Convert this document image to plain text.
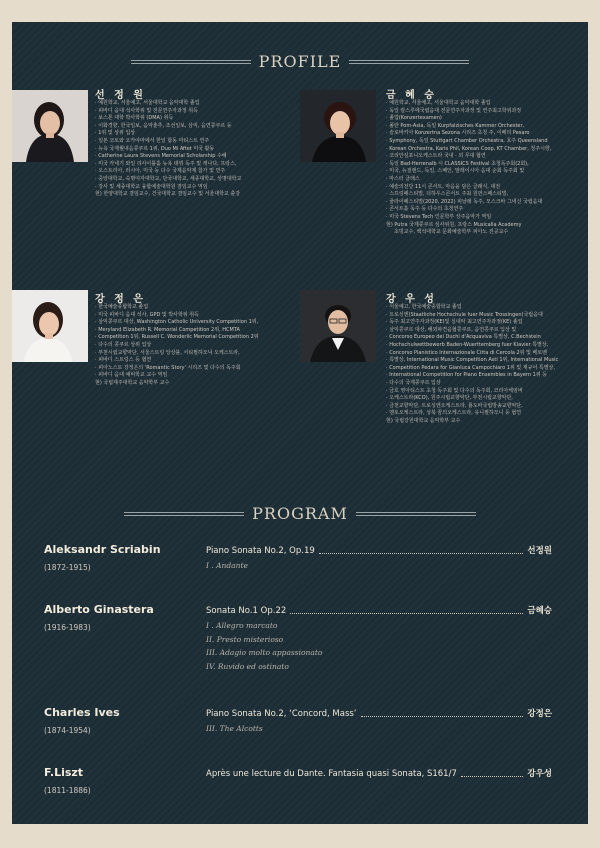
PROFILE
선 정 원
· 예원학교, 서울예고, 서울대학교 음악대학 졸업
· 피바디 음대 석사학위 및 전문연주자과정 취득
· 보스톤 대학 박사학위 (DMA) 취득
· 이화경향, 한국일보, 음악춘추, 조선일보, 삼익, 음연콩쿠르 등
· 1위 및 상위 입상
· 일본 코토와 오카야마에서 한일 합동 마티스트 연주
· 뉴욕 국제월내음콩쿠르 1위, Duo Mi Aftet 미국 활동
· Catherine Laura Stevens Memorial Scholarship 수혜
· 미국 카네기 와일 리사이틀홀 뉴욕 데뷔 독주 및 캐나다, 프랑스,
· 오스트리아, 러시아, 미국 등 다수 국제음악제 참가 및 연주
· 중앙대학교, 숙명여자대학교, 단국대학교, 세종대학교, 상명대학교
· 강사 및 세종대학교 융합예술대학원 겸임교수 역임
현) 한양대학교 겸임교수, 건국대학교 겸임교수 및 서울대학교 출강
금 혜 승
· 예원학교, 서울예고, 서울대학교 음악대학 졸업
· 독일 칼스루에국립음대 전문연주자과정 및 연주최고학위과정
· 졸업(Konzertexamen)
· 폴란 Pom-Asia, 독일 Kurpfalzisches Kammer Orchester,
· 슬로바키아 Konzertna Sezona 시리즈 초청 주, 이베리 Pesaro
· Symphony, 독일 Stuttgart Chamber Orchestra, 호주 Queensland
· Korean Orchestra, Karis Phil, Korean Coop, KT Chamber, 청주시향,
· 코리안심포니오케스트라 국내 · 외 무대 협연
· 독일 Bad-Herrenalb 시 CLASSICS Festival 초청독주회(2회),
· 미국, 뉴질랜드, 독일, 스페인, 말레이시아 음대 순회 독주회 및
· 마스터 클래스
· 예술의전당 11시 콘서트, 마음을 담은 클래식, 대전
· 스프링페스티벌, 더하우스콘서트 주최 원먼스페스티벌,
· 줄라이페스티벌(2020, 2022) 피날레 독주, 모스크바 그네신 국립음대
· 콘서트홀 독주 등 다수의 초청연주
· 미국 Stevens Tech 인문학부 상주음악가 역임
현) Putra 국제콩쿠르 심사위원, 프랑스 Musicalla Academy
초빙교수, 백석대학교 문화예술학부 피아노 전공교수
강 정 은
· 한국예술종합학교 졸업
· 미국 피바디 음대 석사, GPD 및 박사학위 취득
· 삼익콩쿠르 대상, Washington Catholic University Competition 1위,
· Meryland Elizabeth R. Memorial Competition 2위, HCMTA
· Competition 1위, Russell C. Wonderlic Memorial Competition 2위
· 다수의 콩쿠르 상위 입상
· 부천시립교향악단, 서울스트링 앙상블, 서티필하모닉 오케스트라,
· 피바디 스트링스 등 협연
· 피아노스토 강정은의 'Romantic Story' 시리즈 및 다수의 독주회
· 피바디 음대 예비학교 교수 역임
현) 국립제주대학교 음악학부 교수
강 우 성
· 서울예고, 한국예술종합학교 졸업
· 트로싱엔(Staatliche Hochschule fuer Music Trossingen)국립음대
· 독주 최고연주자과정(KE)및 실내악 최고연주자과정(KE) 졸업
· 삼익콩쿠르 대상, 해외파견음협콩쿠르, 음연콩쿠르 입상 및
· Concorso Europeo dei Duchi d'Acquaviva 특별상, C.Bechstein
· Hochschulwettbewerb Baden-Wuerttemberg fuer Klavier 특별상,
· Concorso Pianistico Internazionale Citta di Cercola 2위 및 베토벤
· 특별상, International Music Competition Asti 1위, International Music
· Competition Pedara for Gianluca Campochiaro 1위 및 재규어 특별상,
· International Competition for Piano Ensembles in Bayern 1위 등
· 다수의 국제콩쿠르 입상
· 금호 영아티스트 초청 독주회 및 다수의 독주회, 코리아체임버
· 오케스트라(KCO), 원주시립교향악단, 부천시립교향악단,
· 금천교향악단, 트로싱엔오케스트라, 룔도바국립방송교향악단,
· 멘토오케스트라, 성북 꿈의오케스트라, 유니필하모니 등 협연
현) 국립강원대학교 음악학부 교수
PROGRAM
Aleksandr Scriabin
(1872-1915)
Piano Sonata No.2, Op.19	선정원
I . Andante
Alberto Ginastera
(1916-1983)
Sonata No.1 Op.22	금혜승
I . Allegro marcato
II. Presto misterioso
III. Adagio molto appassionato
IV. Ruvido ed ostinato
Charles Ives
(1874-1954)
Piano Sonata No.2, ‘Concord, Mass’	강정은
III. The Alcotts
F.Liszt
(1811-1886)
Après une lecture du Dante. Fantasia quasi Sonata, S161/7	강우성
